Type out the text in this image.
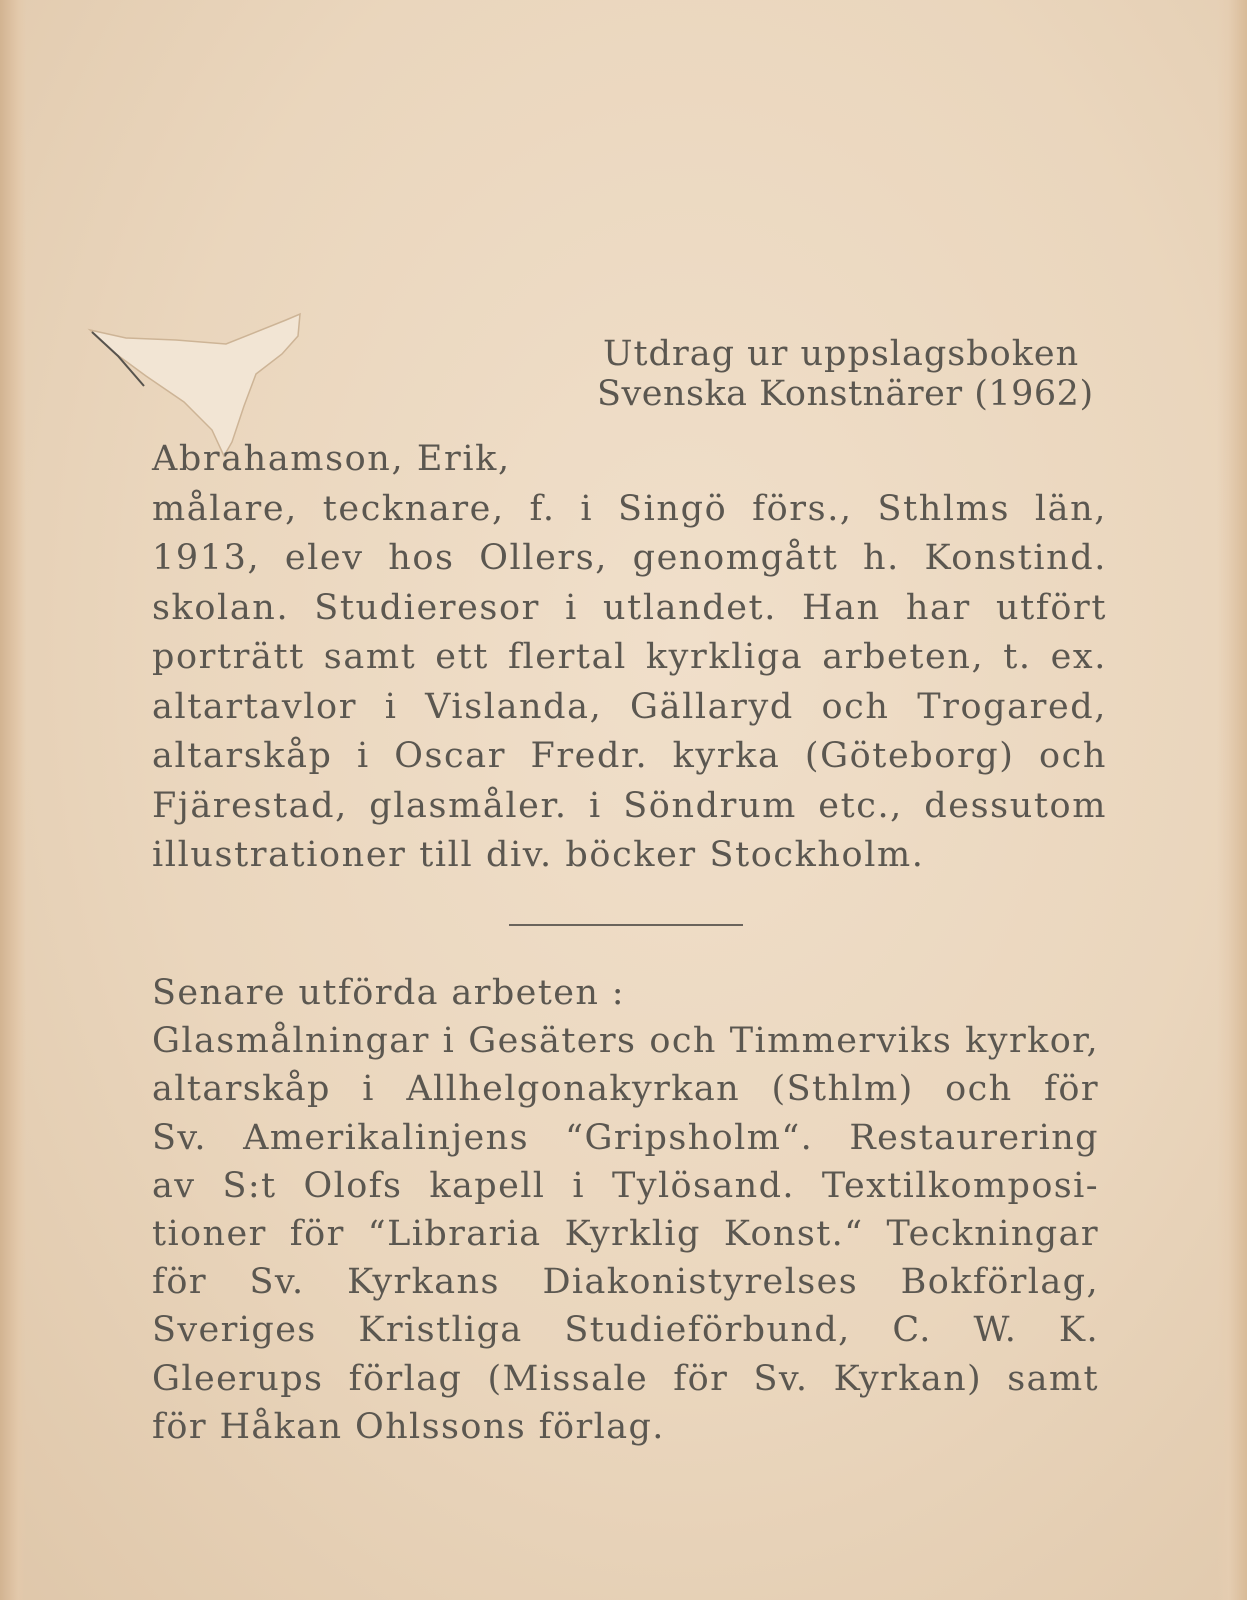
Utdrag ur uppslagsboken
Svenska Konstnärer (1962)
Abrahamson, Erik,
målare, tecknare, f. i Singö förs., Sthlms län,
1913, elev hos Ollers, genomgått h. Konstind.
skolan. Studieresor i utlandet. Han har utfört
porträtt samt ett flertal kyrkliga arbeten, t. ex.
altartavlor i Vislanda, Gällaryd och Trogared,
altarskåp i Oscar Fredr. kyrka (Göteborg) och
Fjärestad, glasmåler. i Söndrum etc., dessutom
illustrationer till div. böcker Stockholm.
Senare utförda arbeten :
Glasmålningar i Gesäters och Timmerviks kyrkor,
altarskåp i Allhelgonakyrkan (Sthlm) och för
Sv. Amerikalinjens “Gripsholm“. Restaurering
av S:t Olofs kapell i Tylösand. Textilkomposi-
tioner för “Libraria Kyrklig Konst.“ Teckningar
för Sv. Kyrkans Diakonistyrelses Bokförlag,
Sveriges Kristliga Studieförbund, C. W. K.
Gleerups förlag (Missale för Sv. Kyrkan) samt
för Håkan Ohlssons förlag.
